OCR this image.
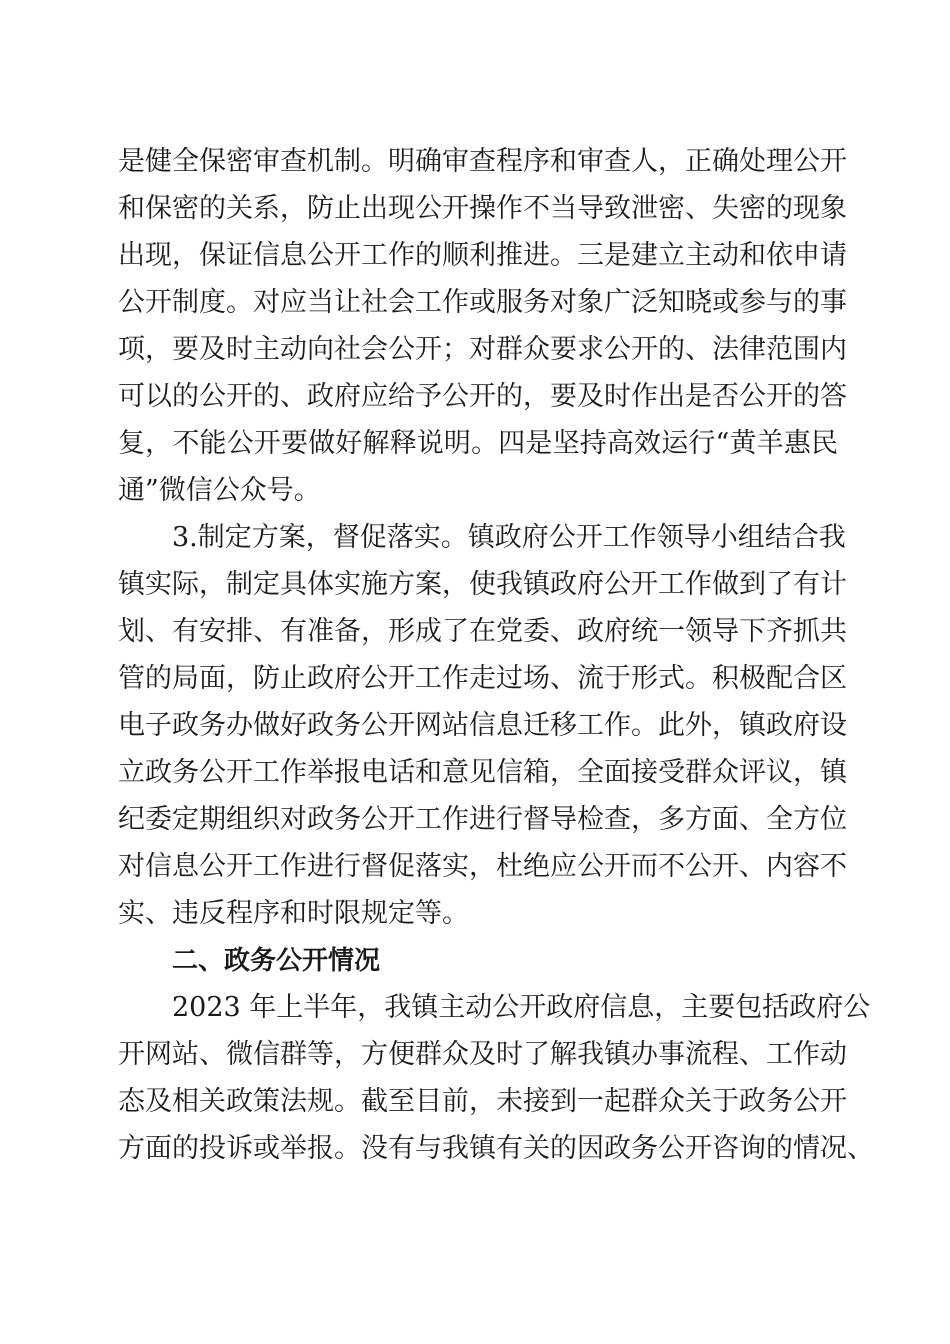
是健全保密审查机制。明确审查程序和审查人，正确处理公开
和保密的关系，防止出现公开操作不当导致泄密、失密的现象
出现，保证信息公开工作的顺利推进。三是建立主动和依申请
公开制度。对应当让社会工作或服务对象广泛知晓或参与的事
项，要及时主动向社会公开；对群众要求公开的、法律范围内
可以的公开的、政府应给予公开的，要及时作出是否公开的答
复，不能公开要做好解释说明。四是坚持高效运行“黄羊惠民
通”微信公众号。
3.制定方案，督促落实。镇政府公开工作领导小组结合我
镇实际，制定具体实施方案，使我镇政府公开工作做到了有计
划、有安排、有准备，形成了在党委、政府统一领导下齐抓共
管的局面，防止政府公开工作走过场、流于形式。积极配合区
电子政务办做好政务公开网站信息迁移工作。此外，镇政府设
立政务公开工作举报电话和意见信箱，全面接受群众评议，镇
纪委定期组织对政务公开工作进行督导检查，多方面、全方位
对信息公开工作进行督促落实，杜绝应公开而不公开、内容不
实、违反程序和时限规定等。
二、政务公开情况
2023 年上半年，我镇主动公开政府信息，主要包括政府公
开网站、微信群等，方便群众及时了解我镇办事流程、工作动
态及相关政策法规。截至目前，未接到一起群众关于政务公开
方面的投诉或举报。没有与我镇有关的因政务公开咨询的情况、
